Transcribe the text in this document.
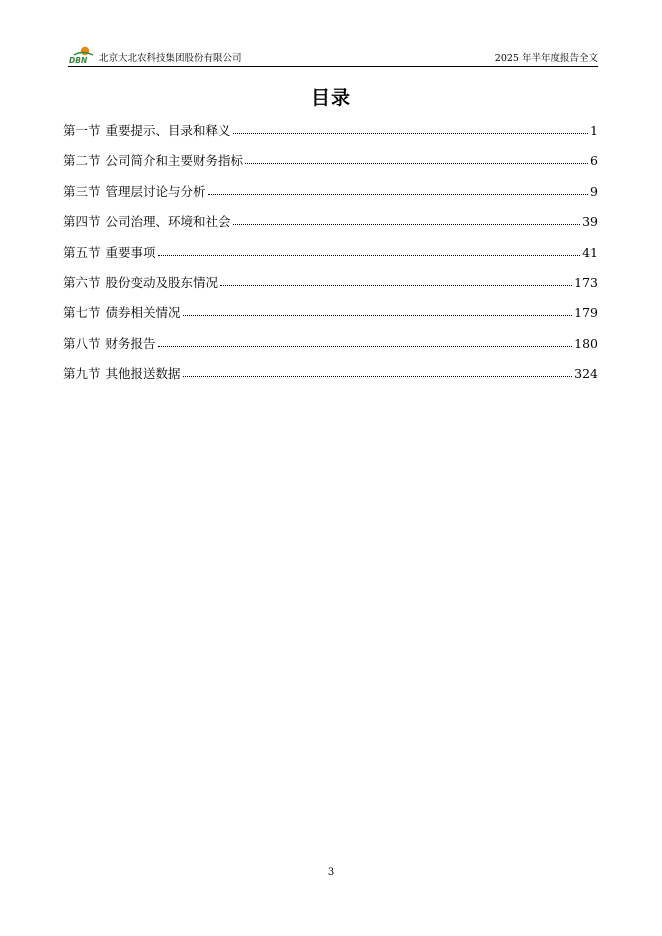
DBN 北京大北农科技集团股份有限公司	2025 年半年度报告全文
目录
第一节 重要提示、目录和释义	1
第二节 公司简介和主要财务指标	6
第三节 管理层讨论与分析	9
第四节 公司治理、环境和社会	39
第五节 重要事项	41
第六节 股份变动及股东情况	173
第七节 债券相关情况	179
第八节 财务报告	180
第九节 其他报送数据	324
3
